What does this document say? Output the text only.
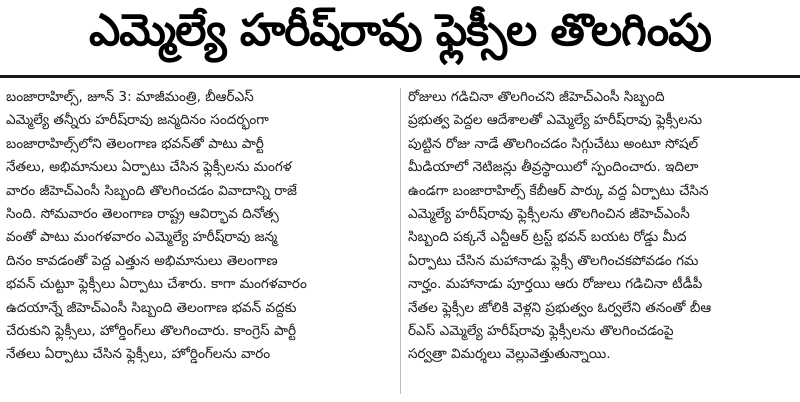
ఎమ్మెల్యే హరీష్‌రావు ఫ్లెక్సీల తొలగింపు
బంజారాహిల్స్, జూన్ 3: మాజీమంత్రి, బీఆర్ఎస్
ఎమ్మెల్యే తన్నీరు హరీష్‌రావు జన్మదినం సందర్భంగా
బంజారాహిల్స్‌లోని తెలంగాణ భవన్‌తో పాటు పార్టీ
నేతలు, అభిమానులు ఏర్పాటు చేసిన ఫ్లెక్సీలను మంగళ
వారం జీహెచ్ఎంసీ సిబ్బంది తొలగించడం వివాదాన్ని రాజే
సింది. సోమవారం తెలంగాణ రాష్ట్ర ఆవిర్భావ దినోత్స
వంతో పాటు మంగళవారం ఎమ్మెల్యే హరీష్‌రావు జన్మ
దినం కావడంతో పెద్ద ఎత్తున అభిమానులు తెలంగాణ
భవన్ చుట్టూ ఫ్లెక్సీలు ఏర్పాటు చేశారు. కాగా మంగళవారం
ఉదయాన్నే జీహెచ్ఎంసీ సిబ్బంది తెలంగాణ భవన్ వద్దకు
చేరుకుని ఫ్లెక్సీలు, హోర్డింగ్‌లు తొలగించారు. కాంగ్రెస్ పార్టీ
నేతలు ఏర్పాటు చేసిన ఫ్లెక్సీలు, హోర్డింగ్‌లను వారం
రోజులు గడిచినా తొలగించని జీహెచ్ఎంసీ సిబ్బంది
ప్రభుత్వ పెద్దల ఆదేశాలతో ఎమ్మెల్యే హరీష్‌రావు ఫ్లెక్సీలను
పుట్టిన రోజు నాడే తొలగించడం సిగ్గుచేటు అంటూ సోషల్
మీడియాలో నెటిజన్లు తీవ్రస్థాయిలో స్పందించారు. ఇదిలా
ఉండగా బంజారాహిల్స్ కేబీఆర్ పార్కు వద్ద ఏర్పాటు చేసిన
ఎమ్మెల్యే హరీష్‌రావు ఫ్లెక్సీలను తొలగించిన జీహెచ్ఎంసీ
సిబ్బంది పక్కనే ఎన్టీఆర్ ట్రస్ట్ భవన్ బయట రోడ్డు మీద
ఏర్పాటు చేసిన మహానాడు ఫ్లెక్సీ తొలగించకపోవడం గమ
నార్హం. మహానాడు పూర్తయి ఆరు రోజులు గడిచినా టీడీపీ
నేతల ఫ్లెక్సీల జోలికి వెళ్లని ప్రభుత్వం ఓర్వలేని తనంతో బీఆ
ర్ఎస్ ఎమ్మెల్యే హరీష్‌రావు ఫ్లెక్సీలను తొలగించడంపై
సర్వత్రా విమర్శలు వెల్లువెత్తుతున్నాయి.
